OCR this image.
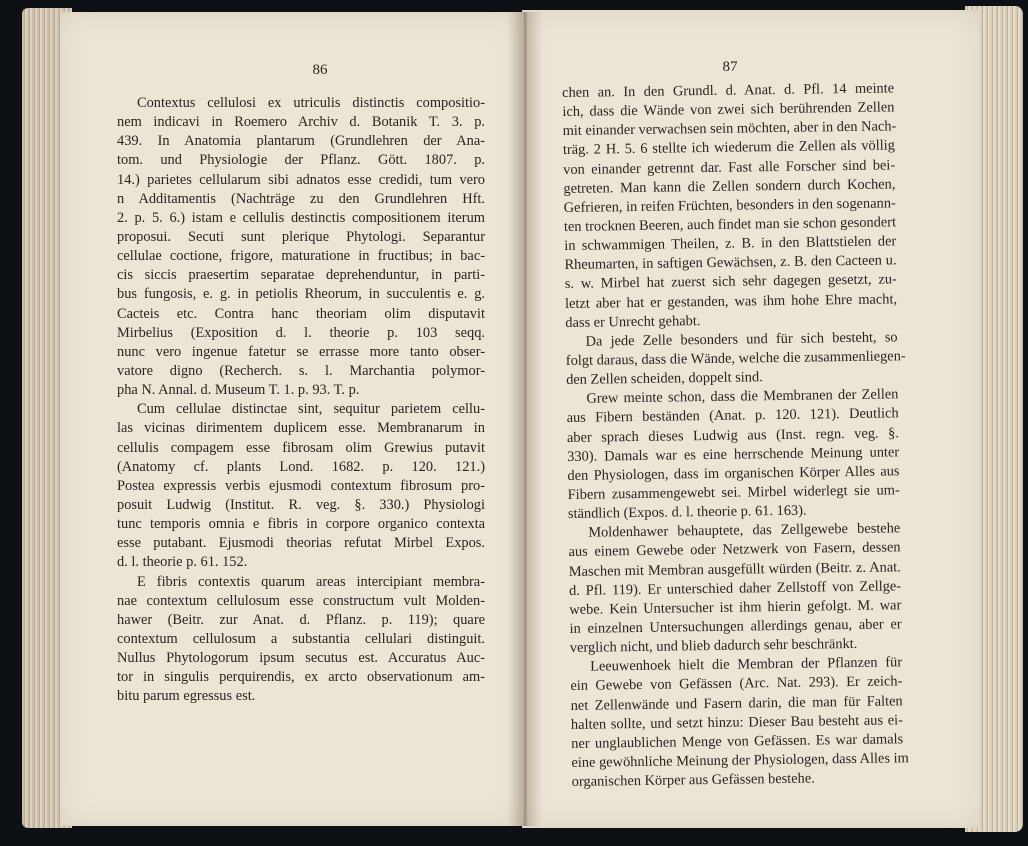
86	87
Contextus cellulosi ex utriculis distinctis compositio-
nem indicavi in Roemero Archiv d. Botanik T. 3. p.
439. In Anatomia plantarum (Grundlehren der Ana-
tom. und Physiologie der Pflanz. Gött. 1807. p.
14.) parietes cellularum sibi adnatos esse credidi, tum vero
n Additamentis (Nachträge zu den Grundlehren Hft.
2. p. 5. 6.) istam e cellulis destinctis compositionem iterum
proposui. Secuti sunt plerique Phytologi. Separantur
cellulae coctione, frigore, maturatione in fructibus; in bac-
cis siccis praesertim separatae deprehenduntur, in parti-
bus fungosis, e. g. in petiolis Rheorum, in succulentis e. g.
Cacteis etc. Contra hanc theoriam olim disputavit
Mirbelius (Exposition d. l. theorie p. 103 seqq.
nunc vero ingenue fatetur se errasse more tanto obser-
vatore digno (Recherch. s. l. Marchantia polymor-
pha N. Annal. d. Museum T. 1. p. 93. T. p.
Cum cellulae distinctae sint, sequitur parietem cellu-
las vicinas dirimentem duplicem esse. Membranarum in
cellulis compagem esse fibrosam olim Grewius putavit
(Anatomy cf. plants Lond. 1682. p. 120. 121.)
Postea expressis verbis ejusmodi contextum fibrosum pro-
posuit Ludwig (Institut. R. veg. §. 330.) Physiologi
tunc temporis omnia e fibris in corpore organico contexta
esse putabant. Ejusmodi theorias refutat Mirbel Expos.
d. l. theorie p. 61. 152.
E fibris contextis quarum areas intercipiant membra-
nae contextum cellulosum esse constructum vult Molden-
hawer (Beitr. zur Anat. d. Pflanz. p. 119); quare
contextum cellulosum a substantia cellulari distinguit.
Nullus Phytologorum ipsum secutus est. Accuratus Auc-
tor in singulis perquirendis, ex arcto observationum am-
bitu parum egressus est.
chen an. In den Grundl. d. Anat. d. Pfl. 14 meinte
ich, dass die Wände von zwei sich berührenden Zellen
mit einander verwachsen sein möchten, aber in den Nach-
träg. 2 H. 5. 6 stellte ich wiederum die Zellen als völlig
von einander getrennt dar. Fast alle Forscher sind bei-
getreten. Man kann die Zellen sondern durch Kochen,
Gefrieren, in reifen Früchten, besonders in den sogenann-
ten trocknen Beeren, auch findet man sie schon gesondert
in schwammigen Theilen, z. B. in den Blattstielen der
Rheumarten, in saftigen Gewächsen, z. B. den Cacteen u.
s. w. Mirbel hat zuerst sich sehr dagegen gesetzt, zu-
letzt aber hat er gestanden, was ihm hohe Ehre macht,
dass er Unrecht gehabt.
Da jede Zelle besonders und für sich besteht, so
folgt daraus, dass die Wände, welche die zusammenliegen-
den Zellen scheiden, doppelt sind.
Grew meinte schon, dass die Membranen der Zellen
aus Fibern beständen (Anat. p. 120. 121). Deutlich
aber sprach dieses Ludwig aus (Inst. regn. veg. §.
330). Damals war es eine herrschende Meinung unter
den Physiologen, dass im organischen Körper Alles aus
Fibern zusammengewebt sei. Mirbel widerlegt sie um-
ständlich (Expos. d. l. theorie p. 61. 163).
Moldenhawer behauptete, das Zellgewebe bestehe
aus einem Gewebe oder Netzwerk von Fasern, dessen
Maschen mit Membran ausgefüllt würden (Beitr. z. Anat.
d. Pfl. 119). Er unterschied daher Zellstoff von Zellge-
webe. Kein Untersucher ist ihm hierin gefolgt. M. war
in einzelnen Untersuchungen allerdings genau, aber er
verglich nicht, und blieb dadurch sehr beschränkt.
Leeuwenhoek hielt die Membran der Pflanzen für
ein Gewebe von Gefässen (Arc. Nat. 293). Er zeich-
net Zellenwände und Fasern darin, die man für Falten
halten sollte, und setzt hinzu: Dieser Bau besteht aus ei-
ner unglaublichen Menge von Gefässen. Es war damals
eine gewöhnliche Meinung der Physiologen, dass Alles im
organischen Körper aus Gefässen bestehe.
